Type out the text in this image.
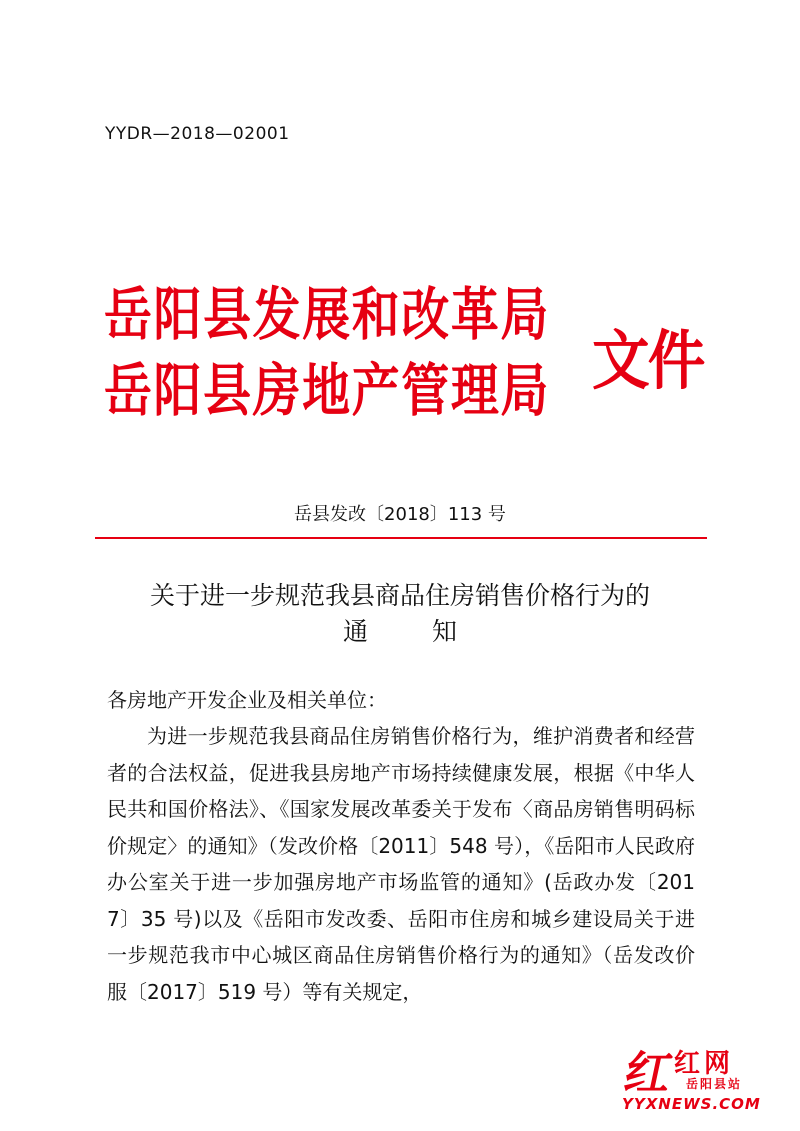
YYDR—2018—02001
岳阳县发展和改革局
岳阳县房地产管理局 文件
岳县发改〔2018〕113 号
关于进一步规范我县商品住房销售价格行为的
通知
各房地产开发企业及相关单位：
为进一步规范我县商品住房销售价格行为，维护消费者和经营者的合法权益，促进我县房地产市场持续健康发展，根据《中华人民共和国价格法》、《国家发展改革委关于发布〈商品房销售明码标价规定〉的通知》（发改价格〔2011〕548 号），《岳阳市人民政府办公室关于进一步加强房地产市场监管的通知》(岳政办发〔2017〕35 号)以及《岳阳市发改委、岳阳市住房和城乡建设局关于进一步规范我市中心城区商品住房销售价格行为的通知》（岳发改价服〔2017〕519 号）等有关规定，
红
红网
岳阳县站
YYXNEWS.COM
